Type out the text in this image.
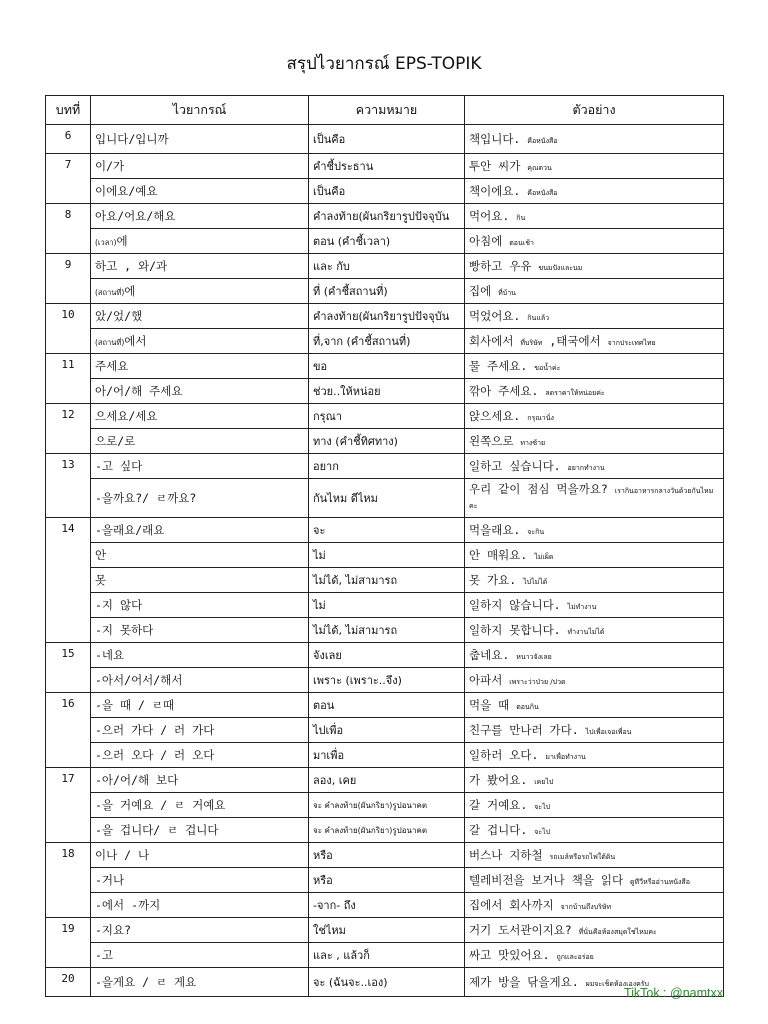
สรุปไวยากรณ์ EPS-TOPIK
บทที่	ไวยากรณ์	ความหมาย	ตัวอย่าง
6	입니다/입니까	เป็นคือ	책입니다. คือหนังสือ
7	이/가	คำชี้ประธาน	투안 씨가 คุณตวน
	이에요/예요	เป็นคือ	책이에요. คือหนังสือ
8	아요/어요/해요	คำลงท้าย(ผันกริยารูปปัจจุบัน	먹어요. กิน
	(เวลา)에	ตอน (คำชี้เวลา)	아침에 ตอนเช้า
9	하고 , 와/과	และ กับ	빵하고 우유 ขนมปังและนม
	(สถานที่)에	ที่ (คำชี้สถานที่)	집에 ที่บ้าน
10	았/었/했	คำลงท้าย(ผันกริยารูปปัจจุบัน	먹었어요. กินแล้ว
	(สถานที่)에서	ที่,จาก (คำชี้สถานที่)	회사에서 ที่บริษัท ,태국에서 จากประเทศไทย
11	주세요	ขอ	물 주세요. ขอน้ำค่ะ
	아/어/해 주세요	ช่วย..ให้หน่อย	깎아 주세요. ลดราคาให้หน่อยค่ะ
12	으세요/세요	กรุณา	앉으세요. กรุณานั่ง
	으로/로	ทาง (คำชี้ทิศทาง)	왼쪽으로 ทางซ้าย
13	-고 싶다	อยาก	일하고 싶습니다. อยากทำงาน
	-을까요?/ ㄹ까요?	กันไหม ดีไหม	우리 같이 점심 먹을까요? เรากินอาหารกลางวันด้วยกันไหมคะ
14	-을래요/래요	จะ	먹을래요. จะกิน
	안	ไม่	안 매워요. ไม่เผ็ด
	못	ไม่ได้, ไม่สามารถ	못 가요. ไปไม่ได้
	-지 않다	ไม่	일하지 않습니다. ไม่ทำงาน
	-지 못하다	ไม่ได้, ไม่สามารถ	일하지 못합니다. ทำงานไม่ได้
15	-네요	จังเลย	춥네요. หนาวจังเลย
	-아서/어서/해서	เพราะ (เพราะ..จึง)	아파서 เพราะว่าป่วย /ปวด
16	-을 때 / ㄹ때	ตอน	먹을 때 ตอนกิน
	-으러 가다 / 러 가다	ไปเพื่อ	친구를 만나러 가다. ไปเพื่อเจอเพื่อน
	-으러 오다 / 러 오다	มาเพื่อ	일하러 오다. มาเพื่อทำงาน
17	-아/어/해 보다	ลอง, เคย	가 봤어요. เคยไป
	-을 거예요 / ㄹ 거예요	จะ คำลงท้าย(ผันกริยา)รูปอนาคต	갈 거예요. จะไป
	-을 겁니다/ ㄹ 겁니다	จะ คำลงท้าย(ผันกริยา)รูปอนาคต	갈 겁니다. จะไป
18	이나 / 나	หรือ	버스나 지하철 รถเมล์หรือรถไฟใต้ดิน
	-거나	หรือ	텔레비전을 보거나 책을 읽다 ดูทีวีหรืออ่านหนังสือ
	-에서 -까지	-จาก- ถึง	집에서 회사까지 จากบ้านถึงบริษัท
19	-지요?	ใช่ไหม	거기 도서관이지요? ที่นั่นคือห้องสมุดใช่ไหมคะ
	-고	และ , แล้วก็	싸고 맛있어요. ถูกและอร่อย
20	-을게요 / ㄹ 게요	จะ (ฉันจะ..เอง)	제가 방을 닦을게요. ผมจะเช็ดห้องเองครับ
TikTok : @namtxx
